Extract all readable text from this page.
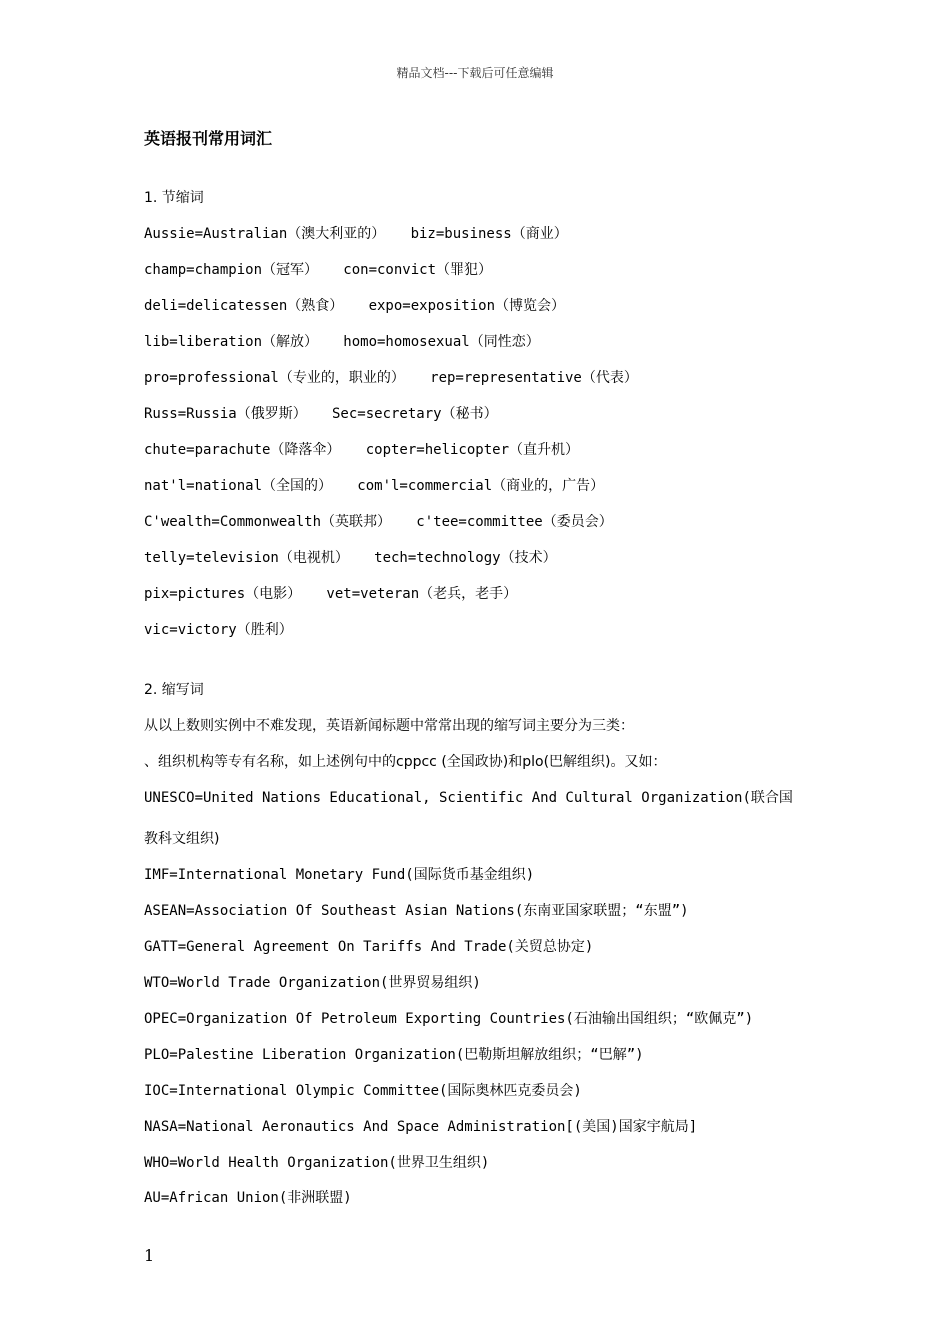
精品文档---下载后可任意编辑
英语报刊常用词汇
1. 节缩词
Aussie=Australian（澳大利亚的）   biz=business（商业）
champ=champion（冠军）   con=convict（罪犯）
deli=delicatessen（熟食）   expo=exposition（博览会）
lib=liberation（解放）   homo=homosexual（同性恋）
pro=professional（专业的，职业的）   rep=representative（代表）
Russ=Russia（俄罗斯）   Sec=secretary（秘书）
chute=parachute（降落伞）   copter=helicopter（直升机）
nat'l=national（全国的）   com'l=commercial（商业的，广告）
C'wealth=Commonwealth（英联邦）   c'tee=committee（委员会）
telly=television（电视机）   tech=technology（技术）
pix=pictures（电影）   vet=veteran（老兵，老手）
vic=victory（胜利）
2. 缩写词
从以上数则实例中不难发现，英语新闻标题中常常出现的缩写词主要分为三类：
、组织机构等专有名称，如上述例句中的cppcc (全国政协)和plo(巴解组织)。又如：
UNESCO=United Nations Educational, Scientific And Cultural Organization(联合国
教科文组织)
IMF=International Monetary Fund(国际货币基金组织)
ASEAN=Association Of Southeast Asian Nations(东南亚国家联盟；“东盟”)
GATT=General Agreement On Tariffs And Trade(关贸总协定)
WTO=World Trade Organization(世界贸易组织)
OPEC=Organization Of Petroleum Exporting Countries(石油输出国组织；“欧佩克”)
PLO=Palestine Liberation Organization(巴勒斯坦解放组织；“巴解”)
IOC=International Olympic Committee(国际奥林匹克委员会)
NASA=National Aeronautics And Space Administration[(美国)国家宇航局]
WHO=World Health Organization(世界卫生组织)
AU=African Union(非洲联盟)
1
